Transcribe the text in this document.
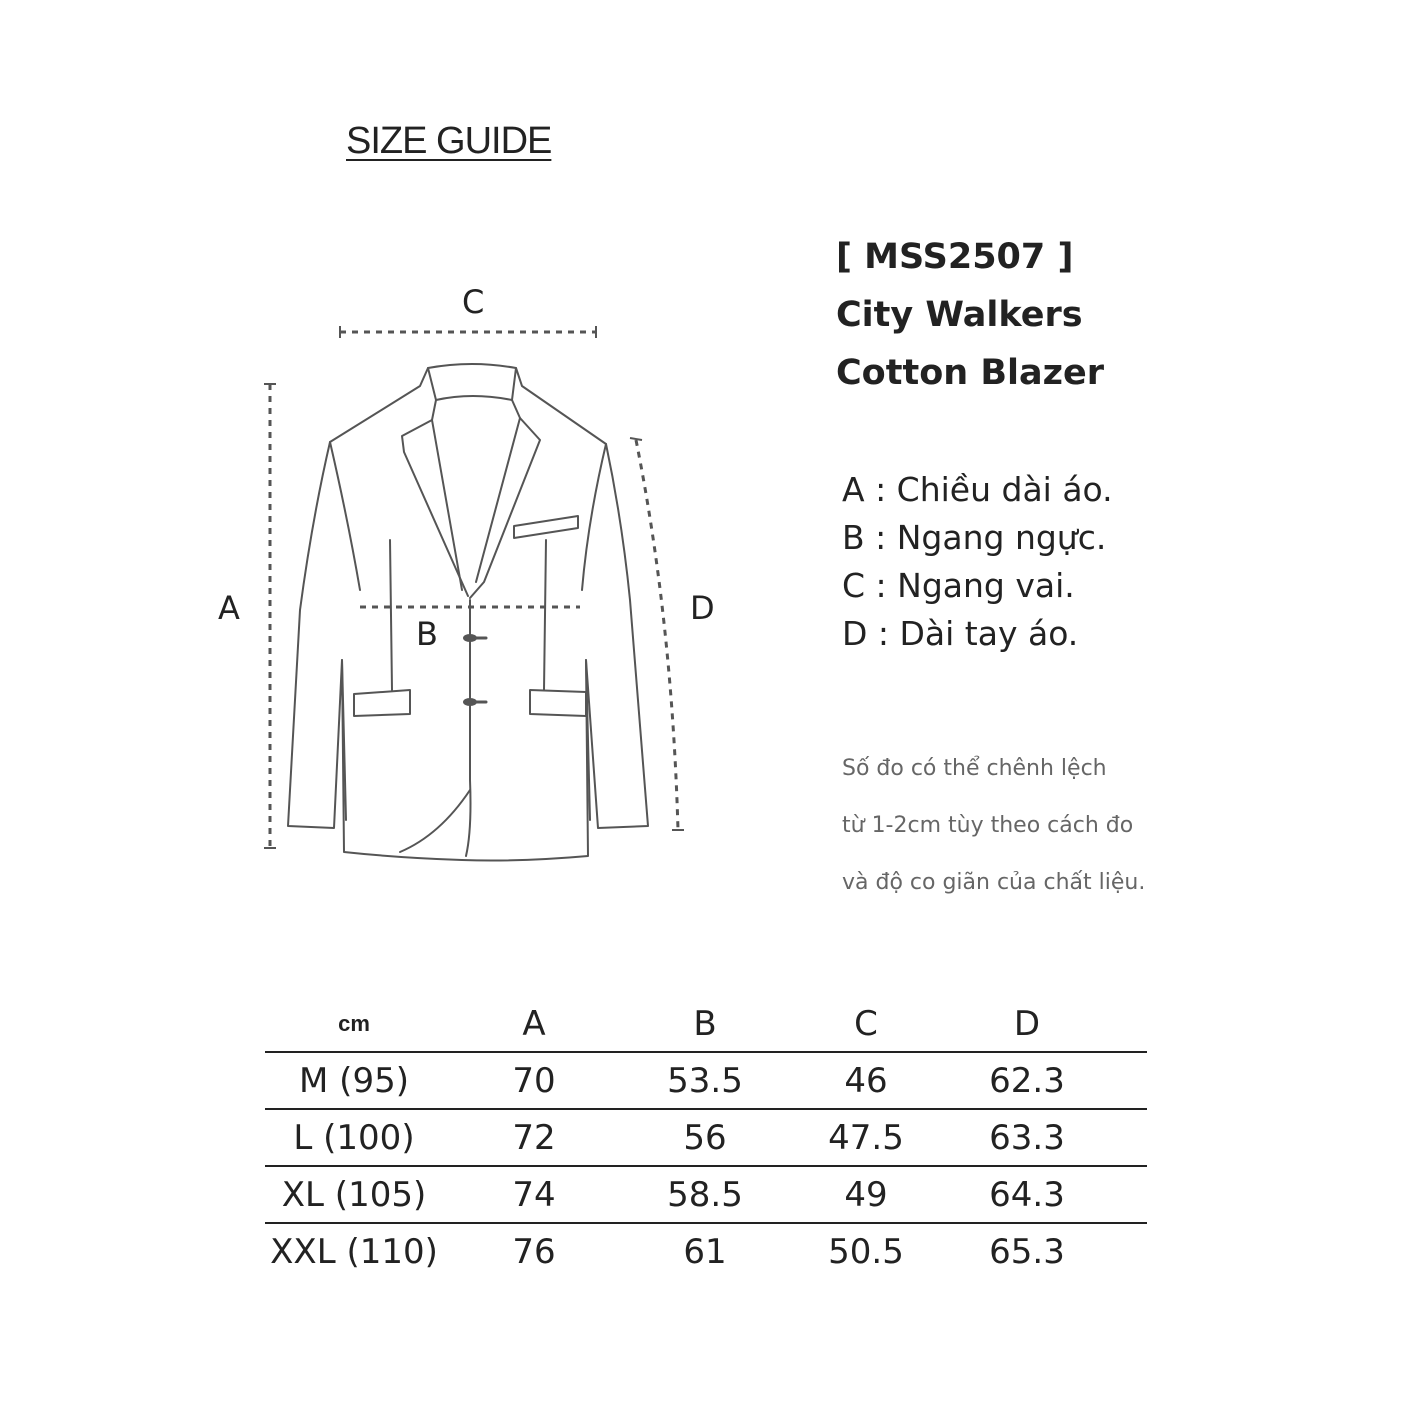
SIZE GUIDE
C
A
B
D
[ MSS2507 ]
City Walkers
Cotton Blazer
A : Chiều dài áo.
B : Ngang ngực.
C : Ngang vai.
D : Dài tay áo.
Số đo có thể chênh lệch
từ 1-2cm tùy theo cách đo
và độ co giãn của chất liệu.
cm	A	B	C	D	
M (95)	70	53.5	46	62.3	
L (100)	72	56	47.5	63.3	
XL (105)	74	58.5	49	64.3	
XXL (110)	76	61	50.5	65.3	
